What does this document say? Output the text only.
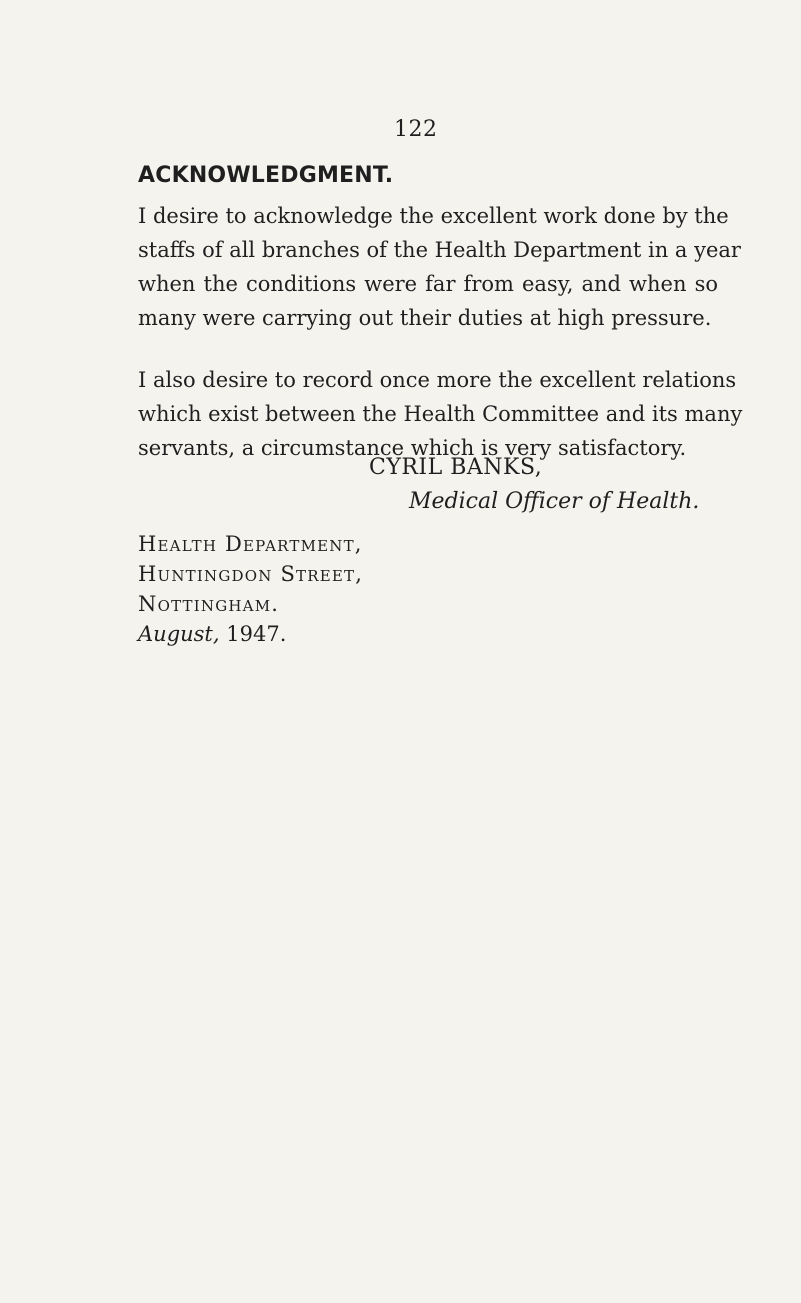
122
ACKNOWLEDGMENT.

I desire to acknowledge the excellent work done by the
staffs of all branches of the Health Department in a year
when the conditions were far from easy, and when so
many were carrying out their duties at high pressure.

I also desire to record once more the excellent relations
which exist between the Health Committee and its many
servants, a circumstance which is very satisfactory.

CYRIL BANKS,
Medical Officer of Health.
Health Department,
Huntingdon Street,
Nottingham.
August, 1947.
